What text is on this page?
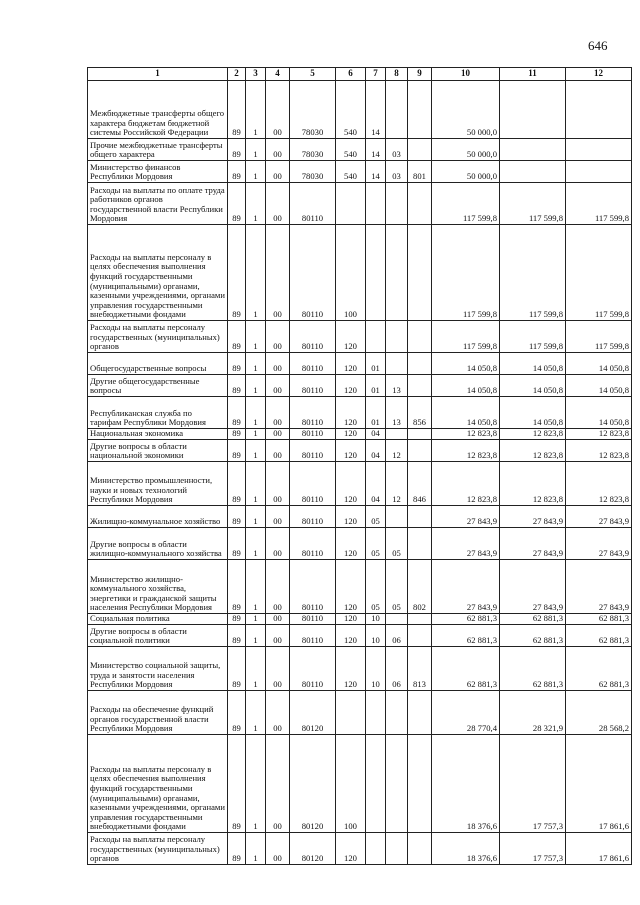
646
1	2	3	4	5	6	7	8	9	10	11	12
Межбюджетные трансферты общего характера бюджетам бюджетной системы Российской Федерации	89	1	00	78030	540	14			50 000,0		
Прочие межбюджетные трансферты общего характера	89	1	00	78030	540	14	03		50 000,0		
Министерство финансов Республики Мордовия	89	1	00	78030	540	14	03	801	50 000,0		
Расходы на выплаты по оплате труда работников органов государственной власти Республики Мордовия	89	1	00	80110					117 599,8	117 599,8	117 599,8
Расходы на выплаты персоналу в целях обеспечения выполнения функций государственными (муниципальными) органами, казенными учреждениями, органами управления государственными внебюджетными фондами	89	1	00	80110	100				117 599,8	117 599,8	117 599,8
Расходы на выплаты персоналу государственных (муниципальных) органов	89	1	00	80110	120				117 599,8	117 599,8	117 599,8
Общегосударственные вопросы	89	1	00	80110	120	01			14 050,8	14 050,8	14 050,8
Другие общегосударственные вопросы	89	1	00	80110	120	01	13		14 050,8	14 050,8	14 050,8
Республиканская служба по тарифам Республики Мордовия	89	1	00	80110	120	01	13	856	14 050,8	14 050,8	14 050,8
Национальная экономика	89	1	00	80110	120	04			12 823,8	12 823,8	12 823,8
Другие вопросы в области национальной экономики	89	1	00	80110	120	04	12		12 823,8	12 823,8	12 823,8
Министерство промышленности, науки и новых технологий Республики Мордовия	89	1	00	80110	120	04	12	846	12 823,8	12 823,8	12 823,8
Жилищно-коммунальное хозяйство	89	1	00	80110	120	05			27 843,9	27 843,9	27 843,9
Другие вопросы в области жилищно-коммунального хозяйства	89	1	00	80110	120	05	05		27 843,9	27 843,9	27 843,9
Министерство жилищно-коммунального хозяйства, энергетики и гражданской защиты населения Республики Мордовия	89	1	00	80110	120	05	05	802	27 843,9	27 843,9	27 843,9
Социальная политика	89	1	00	80110	120	10			62 881,3	62 881,3	62 881,3
Другие вопросы в области социальной политики	89	1	00	80110	120	10	06		62 881,3	62 881,3	62 881,3
Министерство социальной защиты, труда и занятости населения Республики Мордовия	89	1	00	80110	120	10	06	813	62 881,3	62 881,3	62 881,3
Расходы на обеспечение функций органов государственной власти Республики Мордовия	89	1	00	80120					28 770,4	28 321,9	28 568,2
Расходы на выплаты персоналу в целях обеспечения выполнения функций государственными (муниципальными) органами, казенными учреждениями, органами управления государственными внебюджетными фондами	89	1	00	80120	100				18 376,6	17 757,3	17 861,6
Расходы на выплаты персоналу государственных (муниципальных) органов	89	1	00	80120	120				18 376,6	17 757,3	17 861,6
